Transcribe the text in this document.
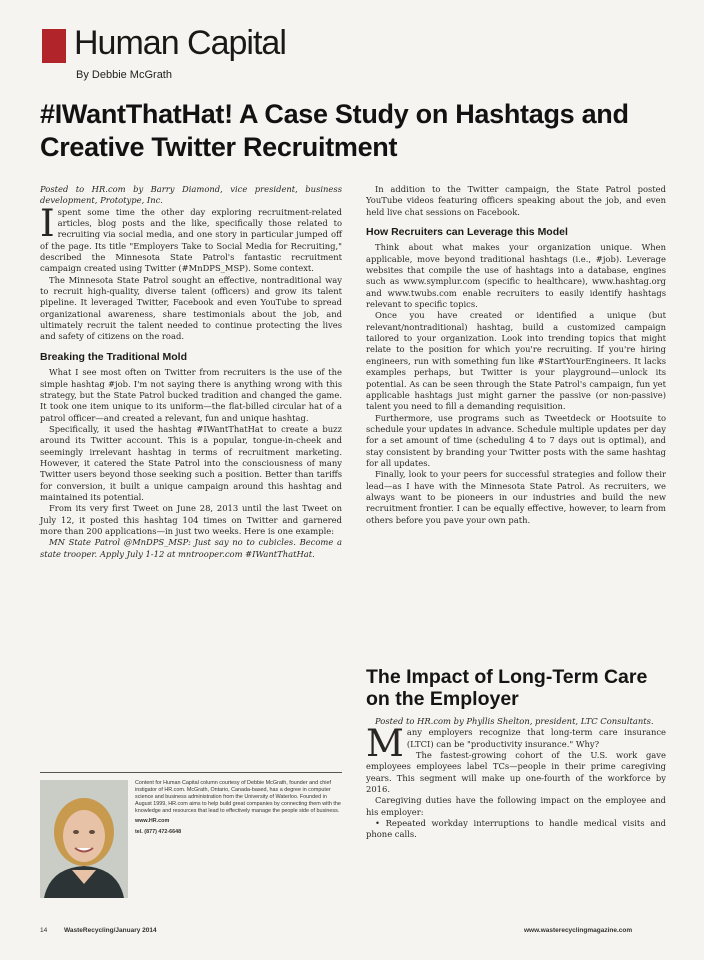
Human Capital
By Debbie McGrath
#IWantThatHat! A Case Study on Hashtags and Creative Twitter Recruitment

Posted to HR.com by Barry Diamond, vice president, business development, Prototype, Inc.

Ispent some time the other day exploring recruitment-related articles, blog posts and the like, specifically those related to recruiting via social media, and one story in particular jumped off of the page. Its title "Employers Take to Social Media for Recruiting," described the Minnesota State Patrol's fantastic recruitment campaign created using Twitter (#MnDPS_MSP). Some context.

The Minnesota State Patrol sought an effective, nontraditional way to recruit high-quality, diverse talent (officers) and grow its talent pipeline. It leveraged Twitter, Facebook and even YouTube to spread organizational awareness, share testimonials about the job, and ultimately recruit the talent needed to continue protecting the lives and safety of citizens on the road.

Breaking the Traditional Mold

What I see most often on Twitter from recruiters is the use of the simple hashtag #job. I'm not saying there is anything wrong with this strategy, but the State Patrol bucked tradition and changed the game. It took one item unique to its uniform—the flat-billed circular hat of a patrol officer—and created a relevant, fun and unique hashtag.

Specifically, it used the hashtag #IWantThatHat to create a buzz around its Twitter account. This is a popular, tongue-in-cheek and seemingly irrelevant hashtag in terms of recruitment marketing. However, it catered the State Patrol into the consciousness of many Twitter users beyond those seeking such a position. Better than tariffs for conversion, it built a unique campaign around this hashtag and maintained its potential.

From its very first Tweet on June 28, 2013 until the last Tweet on July 12, it posted this hashtag 104 times on Twitter and garnered more than 200 applications—in just two weeks. Here is one example:

MN State Patrol @MnDPS_MSP: Just say no to cubicles. Become a state trooper. Apply July 1-12 at mntrooper.com #IWantThatHat.

In addition to the Twitter campaign, the State Patrol posted YouTube videos featuring officers speaking about the job, and even held live chat sessions on Facebook.

How Recruiters can Leverage this Model

Think about what makes your organization unique. When applicable, move beyond traditional hashtags (i.e., #job). Leverage websites that compile the use of hashtags into a database, engines such as www.symplur.com (specific to healthcare), www.hashtag.org and www.twubs.com enable recruiters to easily identify hashtags relevant to specific topics.

Once you have created or identified a unique (but relevant/nontraditional) hashtag, build a customized campaign tailored to your organization. Look into trending topics that might relate to the position for which you're recruiting. If you're hiring engineers, run with something fun like #StartYourEngineers. It lacks examples perhaps, but Twitter is your playground—unlock its potential. As can be seen through the State Patrol's campaign, fun yet applicable hashtags just might garner the passive (or non-passive) talent you need to fill a demanding requisition.

Furthermore, use programs such as Tweetdeck or Hootsuite to schedule your updates in advance. Schedule multiple updates per day for a set amount of time (scheduling 4 to 7 days out is optimal), and stay consistent by branding your Twitter posts with the same hashtag for all updates.

Finally, look to your peers for successful strategies and follow their lead—as I have with the Minnesota State Patrol. As recruiters, we always want to be pioneers in our industries and build the new recruitment frontier. I can be equally effective, however, to learn from others before you pave your own path.

The Impact of Long-Term Care on the Employer

Posted to HR.com by Phyllis Shelton, president, LTC Consultants.

Many employers recognize that long-term care insurance (LTCI) can be "productivity insurance." Why?

The fastest-growing cohort of the U.S. work gave employees employees label TCs—people in their prime caregiving years. This segment will make up one-fourth of the workforce by 2016.

Caregiving duties have the following impact on the employee and his employer:

• Repeated workday interruptions to handle medical visits and phone calls.

Content for Human Capital column courtesy of Debbie McGrath, founder and chief instigator of HR.com. McGrath, Ontario, Canada-based, has a degree in computer science and business administration from the University of Waterloo. Founded in August 1999, HR.com aims to help build great companies by connecting them with the knowledge and resources that lead to effectively manage the people side of business.
www.HR.com
tel. (877) 472-6648
14	WasteRecycling/January 2014	www.wasterecyclingmagazine.com
